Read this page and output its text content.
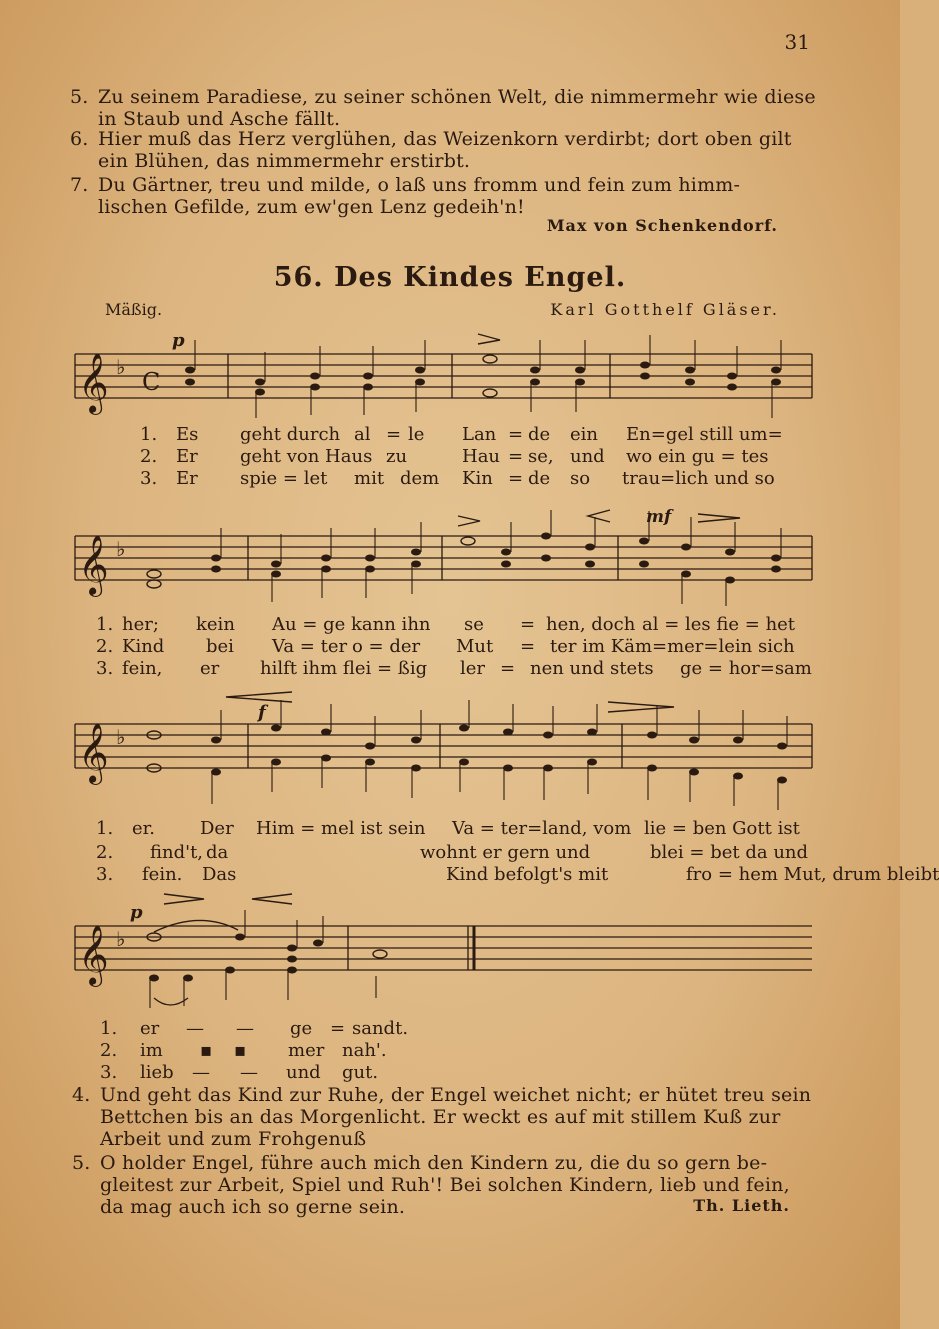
31
5. Zu seinem Paradiese, zu seiner schönen Welt, die nimmermehr wie diese
in Staub und Asche fällt.
6. Hier muß das Herz verglühen, das Weizenkorn verdirbt; dort oben gilt
ein Blühen, das nimmermehr erstirbt.
7. Du Gärtner, treu und milde, o laß uns fromm und fein zum himm-
lischen Gefilde, zum ew'gen Lenz gedeih'n!
Max von Schenkendorf.
56. Des Kindes Engel.
Mäßig.	Karl Gotthelf Gläser.
𝄞 ♭
C
p
1. Es geht durch al = le Lan = de ein En=gel still um=
2. Er geht von Haus zu	Hau = se, und wo ein gu = tes
3. Er spie = let mit dem Kin = de so trau=lich und so
𝄞 ♭
mf
1. her; kein Au = ge kann ihn se = hen, doch al = les fie = het
2. Kind bei Va = ter o = der Mut = ter im Käm=mer=lein sich
3. fein, er hilft ihm flei = ßig ler = nen und stets ge = hor=sam
𝄞 ♭
f
1. er. Der Him = mel ist sein Va = ter=land, vom lie = ben Gott ist
2. find't, da	wohnt er gern und	blei = bet da und
3. fein. Das	Kind befolgt's mit	fro = hem Mut, drum bleibt
𝄞 ♭
p
1. er — — ge = sandt.
2. im ▪ ▪ mer nah'.
3. lieb — — und gut.
4. Und geht das Kind zur Ruhe, der Engel weichet nicht; er hütet treu sein
Bettchen bis an das Morgenlicht. Er weckt es auf mit stillem Kuß zur
Arbeit und zum Frohgenuß
5. O holder Engel, führe auch mich den Kindern zu, die du so gern be-
gleitest zur Arbeit, Spiel und Ruh'! Bei solchen Kindern, lieb und fein,
da mag auch ich so gerne sein.	Th. Lieth.
